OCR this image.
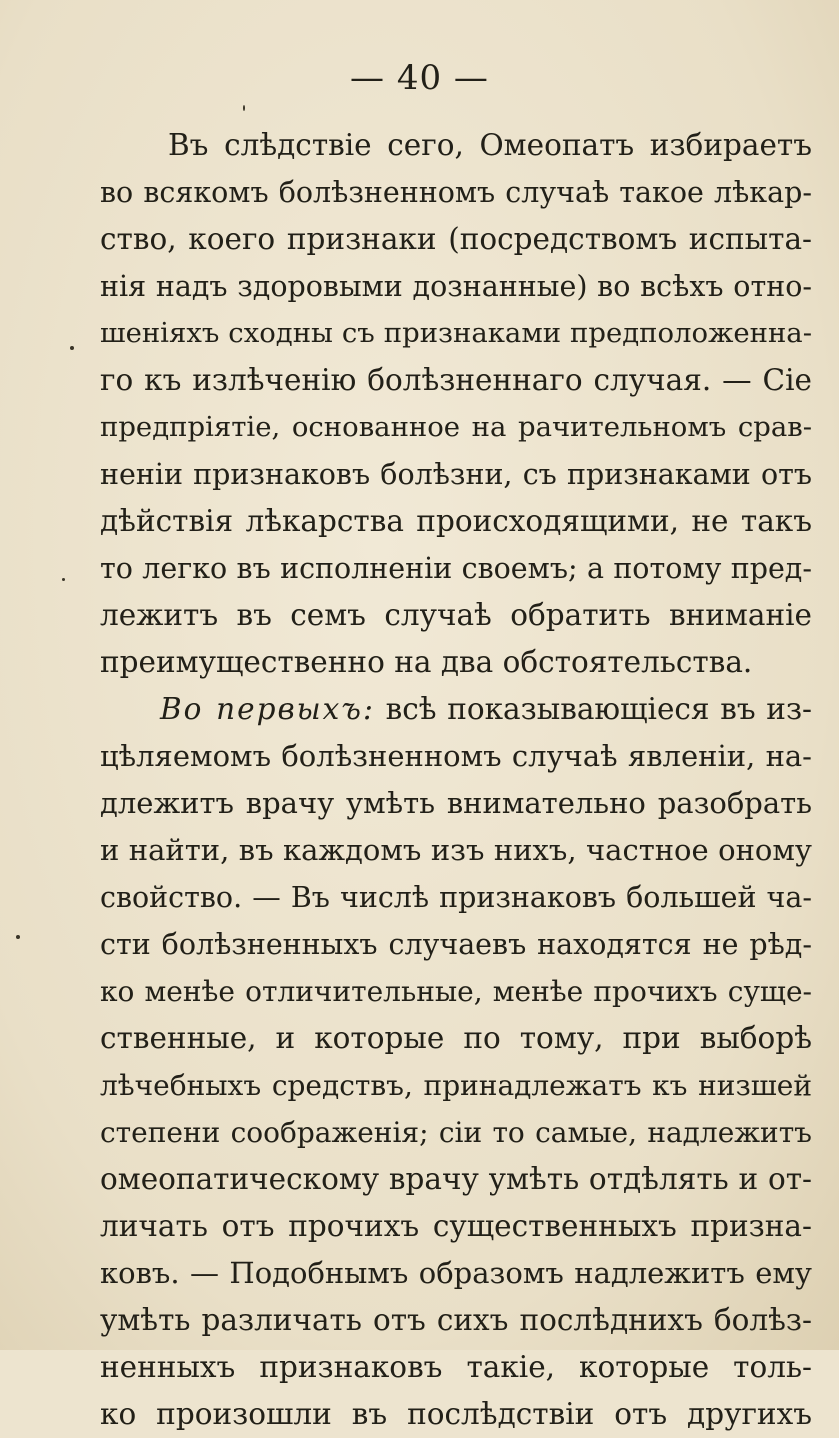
— 40 —
Въ слѣдствіе сего, Омеопатъ избираетъ
во всякомъ болѣзненномъ случаѣ такое лѣкар-
ство, коего признаки (посредствомъ испыта-
нія надъ здоровыми дознанные) во всѣхъ отно-
шеніяхъ сходны съ признаками предположенна-
го къ излѣченію болѣзненнаго случая. — Сіе
предпріятіе, основанное на рачительномъ срав-
неніи признаковъ болѣзни, съ признаками отъ
дѣйствія лѣкарства происходящими, не такъ
то легко въ исполненіи своемъ; а потому пред-
лежитъ въ семъ случаѣ обратить вниманіе
преимущественно на два обстоятельства.
Во первыхъ: всѣ показывающіеся въ из-
цѣляемомъ болѣзненномъ случаѣ явленіи, на-
длежитъ врачу умѣть внимательно разобрать
и найти, въ каждомъ изъ нихъ, частное оному
свойство. — Въ числѣ признаковъ большей ча-
сти болѣзненныхъ случаевъ находятся не рѣд-
ко менѣе отличительные, менѣе прочихъ суще-
ственные, и которые по тому, при выборѣ
лѣчебныхъ средствъ, принадлежатъ къ низшей
степени соображенія; сіи то самые, надлежитъ
омеопатическому врачу умѣть отдѣлять и от-
личать отъ прочихъ существенныхъ призна-
ковъ. — Подобнымъ образомъ надлежитъ ему
умѣть различать отъ сихъ послѣднихъ болѣз-
ненныхъ признаковъ такіе, которые толь-
ко произошли въ послѣдствіи отъ другихъ
